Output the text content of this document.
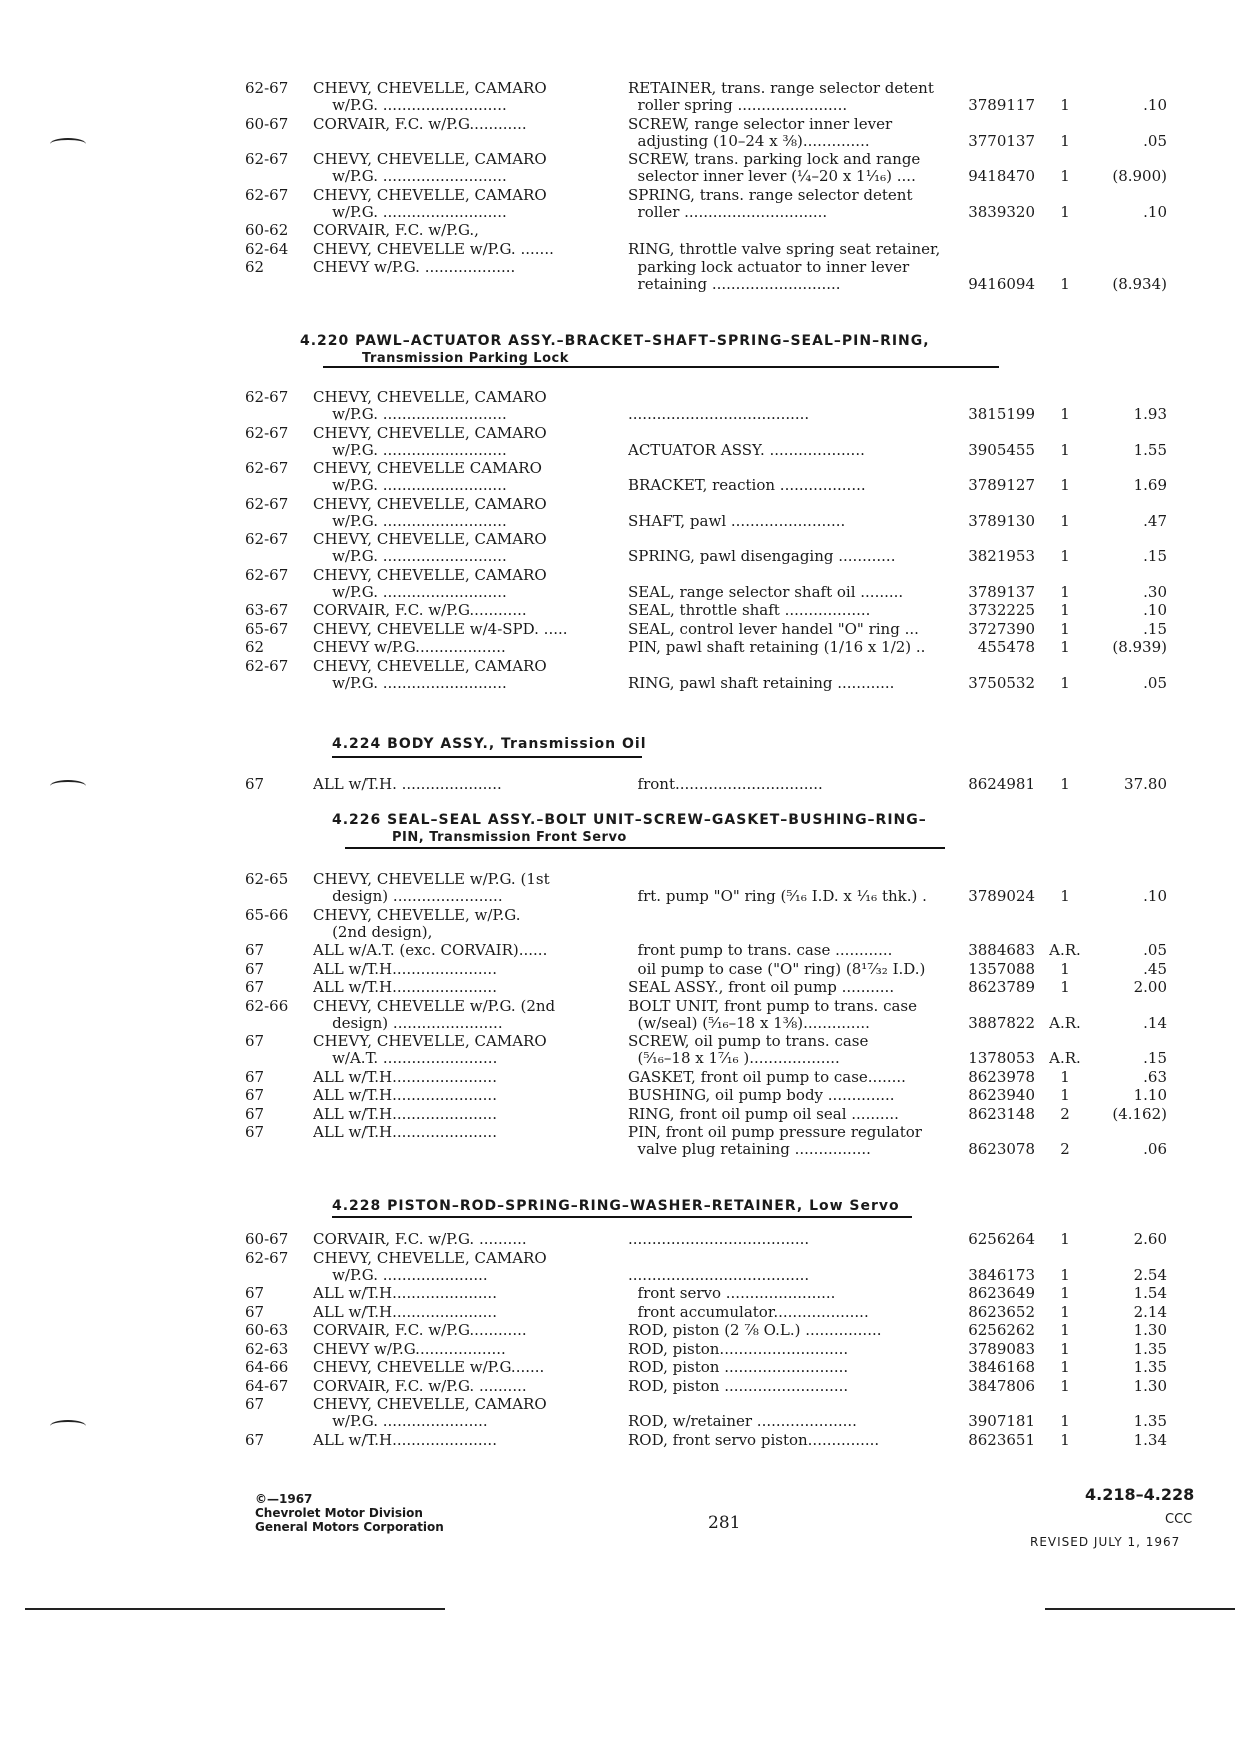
62-67	CHEVY, CHEVELLE, CAMARO	RETAINER, trans. range selector detent
w/P.G. ..........................	roller spring .......................	3789117	1	.10
60-67	CORVAIR, F.C. w/P.G............	SCREW, range selector inner lever
adjusting (10–24 x ⅜)..............	3770137	1	.05
62-67	CHEVY, CHEVELLE, CAMARO	SCREW, trans. parking lock and range
w/P.G. ..........................	selector inner lever (¼–20 x 1¹⁄₁₆) ....	9418470	1	(8.900)
62-67	CHEVY, CHEVELLE, CAMARO	SPRING, trans. range selector detent
w/P.G. ..........................	roller ..............................	3839320	1	.10
60-62	CORVAIR, F.C. w/P.G.,
62-64	CHEVY, CHEVELLE w/P.G. .......	RING, throttle valve spring seat retainer,
62	CHEVY w/P.G. ...................	parking lock actuator to inner lever
retaining ...........................	9416094	1	(8.934)
4.220 PAWL–ACTUATOR ASSY.–BRACKET–SHAFT–SPRING–SEAL–PIN–RING,
Transmission Parking Lock
62-67	CHEVY, CHEVELLE, CAMARO
w/P.G. ..........................	......................................	3815199	1	1.93
62-67	CHEVY, CHEVELLE, CAMARO
w/P.G. ..........................	ACTUATOR ASSY. ....................	3905455	1	1.55
62-67	CHEVY, CHEVELLE CAMARO
w/P.G. ..........................	BRACKET, reaction ..................	3789127	1	1.69
62-67	CHEVY, CHEVELLE, CAMARO
w/P.G. ..........................	SHAFT, pawl ........................	3789130	1	.47
62-67	CHEVY, CHEVELLE, CAMARO
w/P.G. ..........................	SPRING, pawl disengaging ............	3821953	1	.15
62-67	CHEVY, CHEVELLE, CAMARO
w/P.G. ..........................	SEAL, range selector shaft oil .........	3789137	1	.30
63-67	CORVAIR, F.C. w/P.G............	SEAL, throttle shaft ..................	3732225	1	.10
65-67	CHEVY, CHEVELLE w/4-SPD. .....	SEAL, control lever handel "O" ring ...	3727390	1	.15
62	CHEVY w/P.G...................	PIN, pawl shaft retaining (1/16 x 1/2) ..	455478	1	(8.939)
62-67	CHEVY, CHEVELLE, CAMARO
w/P.G. ..........................	RING, pawl shaft retaining ............	3750532	1	.05
4.224 BODY ASSY., Transmission Oil
67	ALL w/T.H. .....................	front...............................	8624981	1	37.80
4.226 SEAL–SEAL ASSY.–BOLT UNIT–SCREW–GASKET–BUSHING–RING–
PIN, Transmission Front Servo
62-65	CHEVY, CHEVELLE w/P.G. (1st
design) .......................	frt. pump "O" ring (⁵⁄₁₆ I.D. x ¹⁄₁₆ thk.) .	3789024	1	.10
65-66	CHEVY, CHEVELLE, w/P.G.
(2nd design),
67	ALL w/A.T. (exc. CORVAIR)......	front pump to trans. case ............	3884683 A.R.	.05
67	ALL w/T.H......................	oil pump to case ("O" ring) (8¹⁷⁄₃₂ I.D.)	1357088	1	.45
67	ALL w/T.H......................	SEAL ASSY., front oil pump ...........	8623789	1	2.00
62-66	CHEVY, CHEVELLE w/P.G. (2nd	BOLT UNIT, front pump to trans. case
design) .......................	(w/seal) (⁵⁄₁₆–18 x 1⅜)..............	3887822 A.R.	.14
67	CHEVY, CHEVELLE, CAMARO	SCREW, oil pump to trans. case
w/A.T. ........................	(⁵⁄₁₆–18 x 1⁷⁄₁₆ )...................	1378053 A.R.	.15
67	ALL w/T.H......................	GASKET, front oil pump to case........	8623978	1	.63
67	ALL w/T.H......................	BUSHING, oil pump body ..............	8623940	1	1.10
67	ALL w/T.H......................	RING, front oil pump oil seal ..........	8623148	2	(4.162)
67	ALL w/T.H......................	PIN, front oil pump pressure regulator
valve plug retaining ................	8623078	2	.06
4.228 PISTON–ROD–SPRING–RING–WASHER–RETAINER, Low Servo
60-67	CORVAIR, F.C. w/P.G. ..........	......................................	6256264	1	2.60
62-67	CHEVY, CHEVELLE, CAMARO
w/P.G. ......................	......................................	3846173	1	2.54
67	ALL w/T.H......................	front servo .......................	8623649	1	1.54
67	ALL w/T.H......................	front accumulator....................	8623652	1	2.14
60-63	CORVAIR, F.C. w/P.G............	ROD, piston (2 ⅞ O.L.) ................	6256262	1	1.30
62-63	CHEVY w/P.G...................	ROD, piston...........................	3789083	1	1.35
64-66	CHEVY, CHEVELLE w/P.G.......	ROD, piston ..........................	3846168	1	1.35
64-67	CORVAIR, F.C. w/P.G. ..........	ROD, piston ..........................	3847806	1	1.30
67	CHEVY, CHEVELLE, CAMARO
w/P.G. ......................	ROD, w/retainer .....................	3907181	1	1.35
67	ALL w/T.H......................	ROD, front servo piston...............	8623651	1	1.34
©—1967
Chevrolet Motor Division
General Motors Corporation	281
4.218–4.228
CCC
REVISED JULY 1, 1967
